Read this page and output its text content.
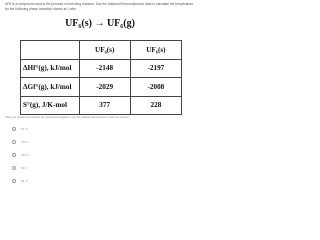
UF6 is a compound used in the process of enriching uranium. Use the attached thermodynamic data to calculate the temperature for the following phase transition shown at 1 atm:
UF₆(s) → UF₆(g)
	UF₆(s)	UF₆(s)
ΔHf°(g), kJ/mol	-2148	-2197
ΔGf°(g), kJ/mol	-2029	-2008
S°(g), J/K-mol	377	228
Select an answer and submit. For keyboard navigation, use the up/down arrow keys to select an answer.
56 °C
330 K
330 °C
56 K
85 °C
